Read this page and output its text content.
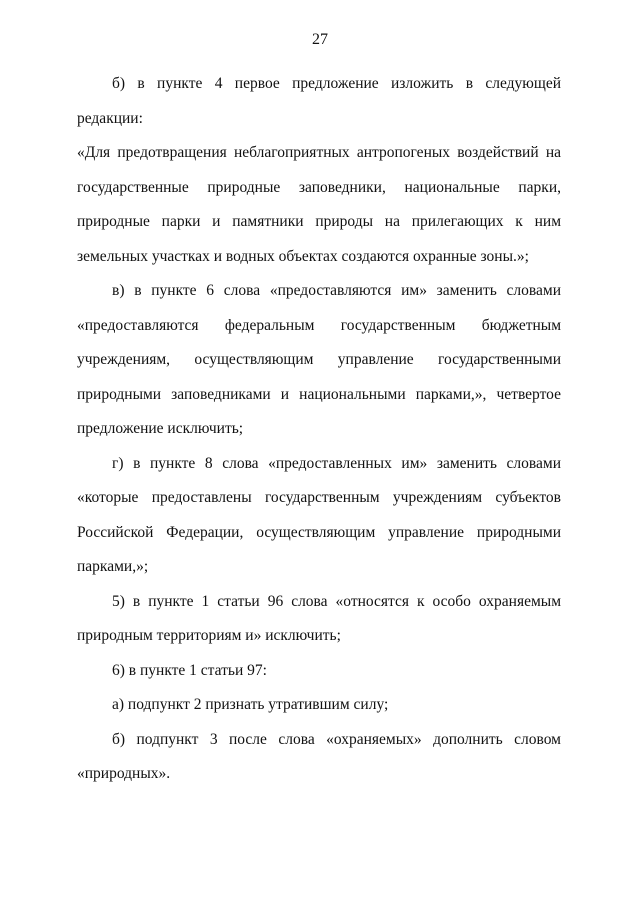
27

б) в пункте 4 первое предложение изложить в следующей редакции:

«Для предотвращения неблагоприятных антропогеных воздействий на государственные природные заповедники, национальные парки, природные парки и памятники природы на прилегающих к ним земельных участках и водных объектах создаются охранные зоны.»;

в) в пункте 6 слова «предоставляются им» заменить словами «предоставляются федеральным государственным бюджетным учреждениям, осуществляющим управление государственными природными заповедниками и национальными парками,», четвертое предложение исключить;

г) в пункте 8 слова «предоставленных им» заменить словами «которые предоставлены государственным учреждениям субъектов Российской Федерации, осуществляющим управление природными парками,»;

5) в пункте 1 статьи 96 слова «относятся к особо охраняемым природным территориям и» исключить;

6) в пункте 1 статьи 97:

а) подпункт 2 признать утратившим силу;

б) подпункт 3 после слова «охраняемых» дополнить словом «природных».
